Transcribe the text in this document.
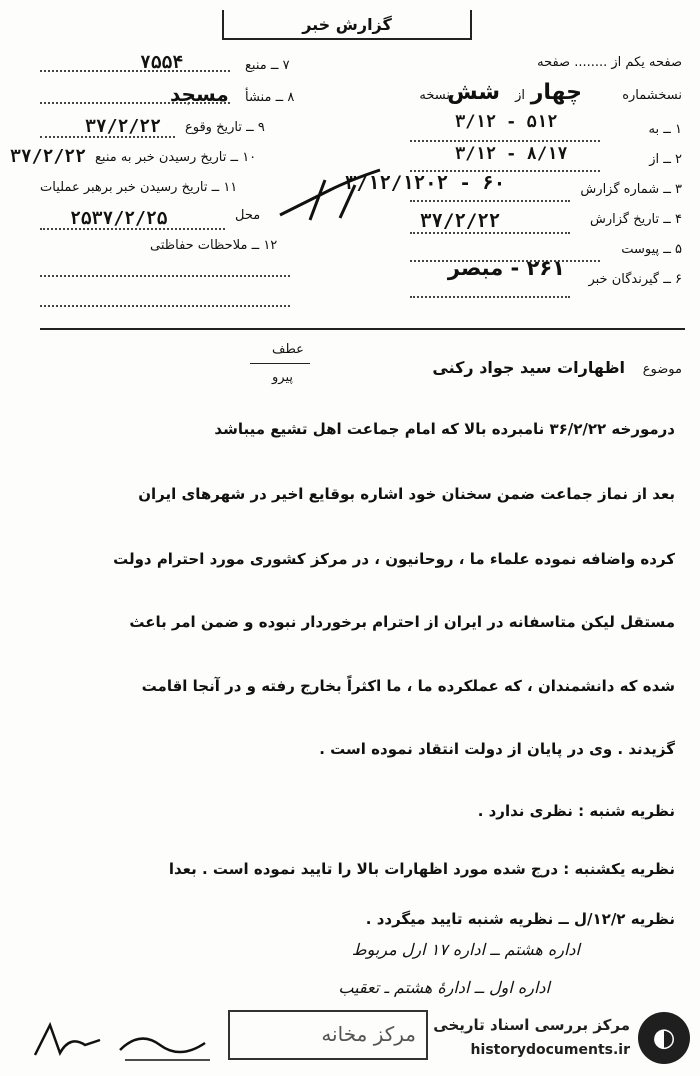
گزارش خبر
صفحه یکم از ........ صفحه
نسخشماره
چهار
از
شش
نسخه
۱ ــ به
۳/۱۲ - ۵۱۲
۲ ــ از
۳/۱۲ - ۸/۱۷
۳ ــ شماره گزارش
۳/۱۲/۱۲۰۲ - ۶۰
۴ ــ تاریخ گزارش
۳۷/۲/۲۲
۵ ــ پیوست
۶ ــ گیرندگان خبر
۲۶۱ - مبصر
۷ ــ منبع
۷۵۵۴
۸ ــ منشأ
مسجد
۹ ــ تاریخ وقوع
۳۷/۲/۲۲
۱۰ ــ تاریخ رسیدن خبر به منبع
۳۷/۲/۲۲
۱۱ ــ تاریخ رسیدن خبر برهبر عملیات
محل
۲۵۳۷/۲/۲۵
۱۲ ــ ملاحظات حفاظتی
عطف
پیرو
موضوع
اظهارات سید جواد رکنی
درمورخه ۳۶/۲/۲۲ نامبرده بالا که امام جماعت اهل تشیع میباشد
بعد از نماز جماعت ضمن سخنان خود اشاره بوقایع اخیر در شهرهای ایران
کرده واضافه نموده علماء ما ، روحانیون ، در مرکز کشوری مورد احترام دولت
مستقل لیکن متاسفانه در ایران از احترام برخوردار نبوده و ضمن امر باعث
شده که دانشمندان ، که عملکرده ما ، ما اکثراً بخارج رفته و در آنجا اقامت
گزیدند . وی در پایان از دولت انتقاد نموده است .
نظریه شنبه : نظری ندارد .
نظریه یکشنبه : درج شده مورد اظهارات بالا را تایید نموده است . بعدا
نظریه ۱۲/۲/ل ــ نظریه شنبه تایید میگردد .
اداره هشتم ــ اداره ۱۷ ارل مربوط
اداره اول ــ ادارۀ هشتم ـ تعقیب
مرکز مخانه	◐
مرکز بررسی اسناد تاریخی
historydocuments.ir
